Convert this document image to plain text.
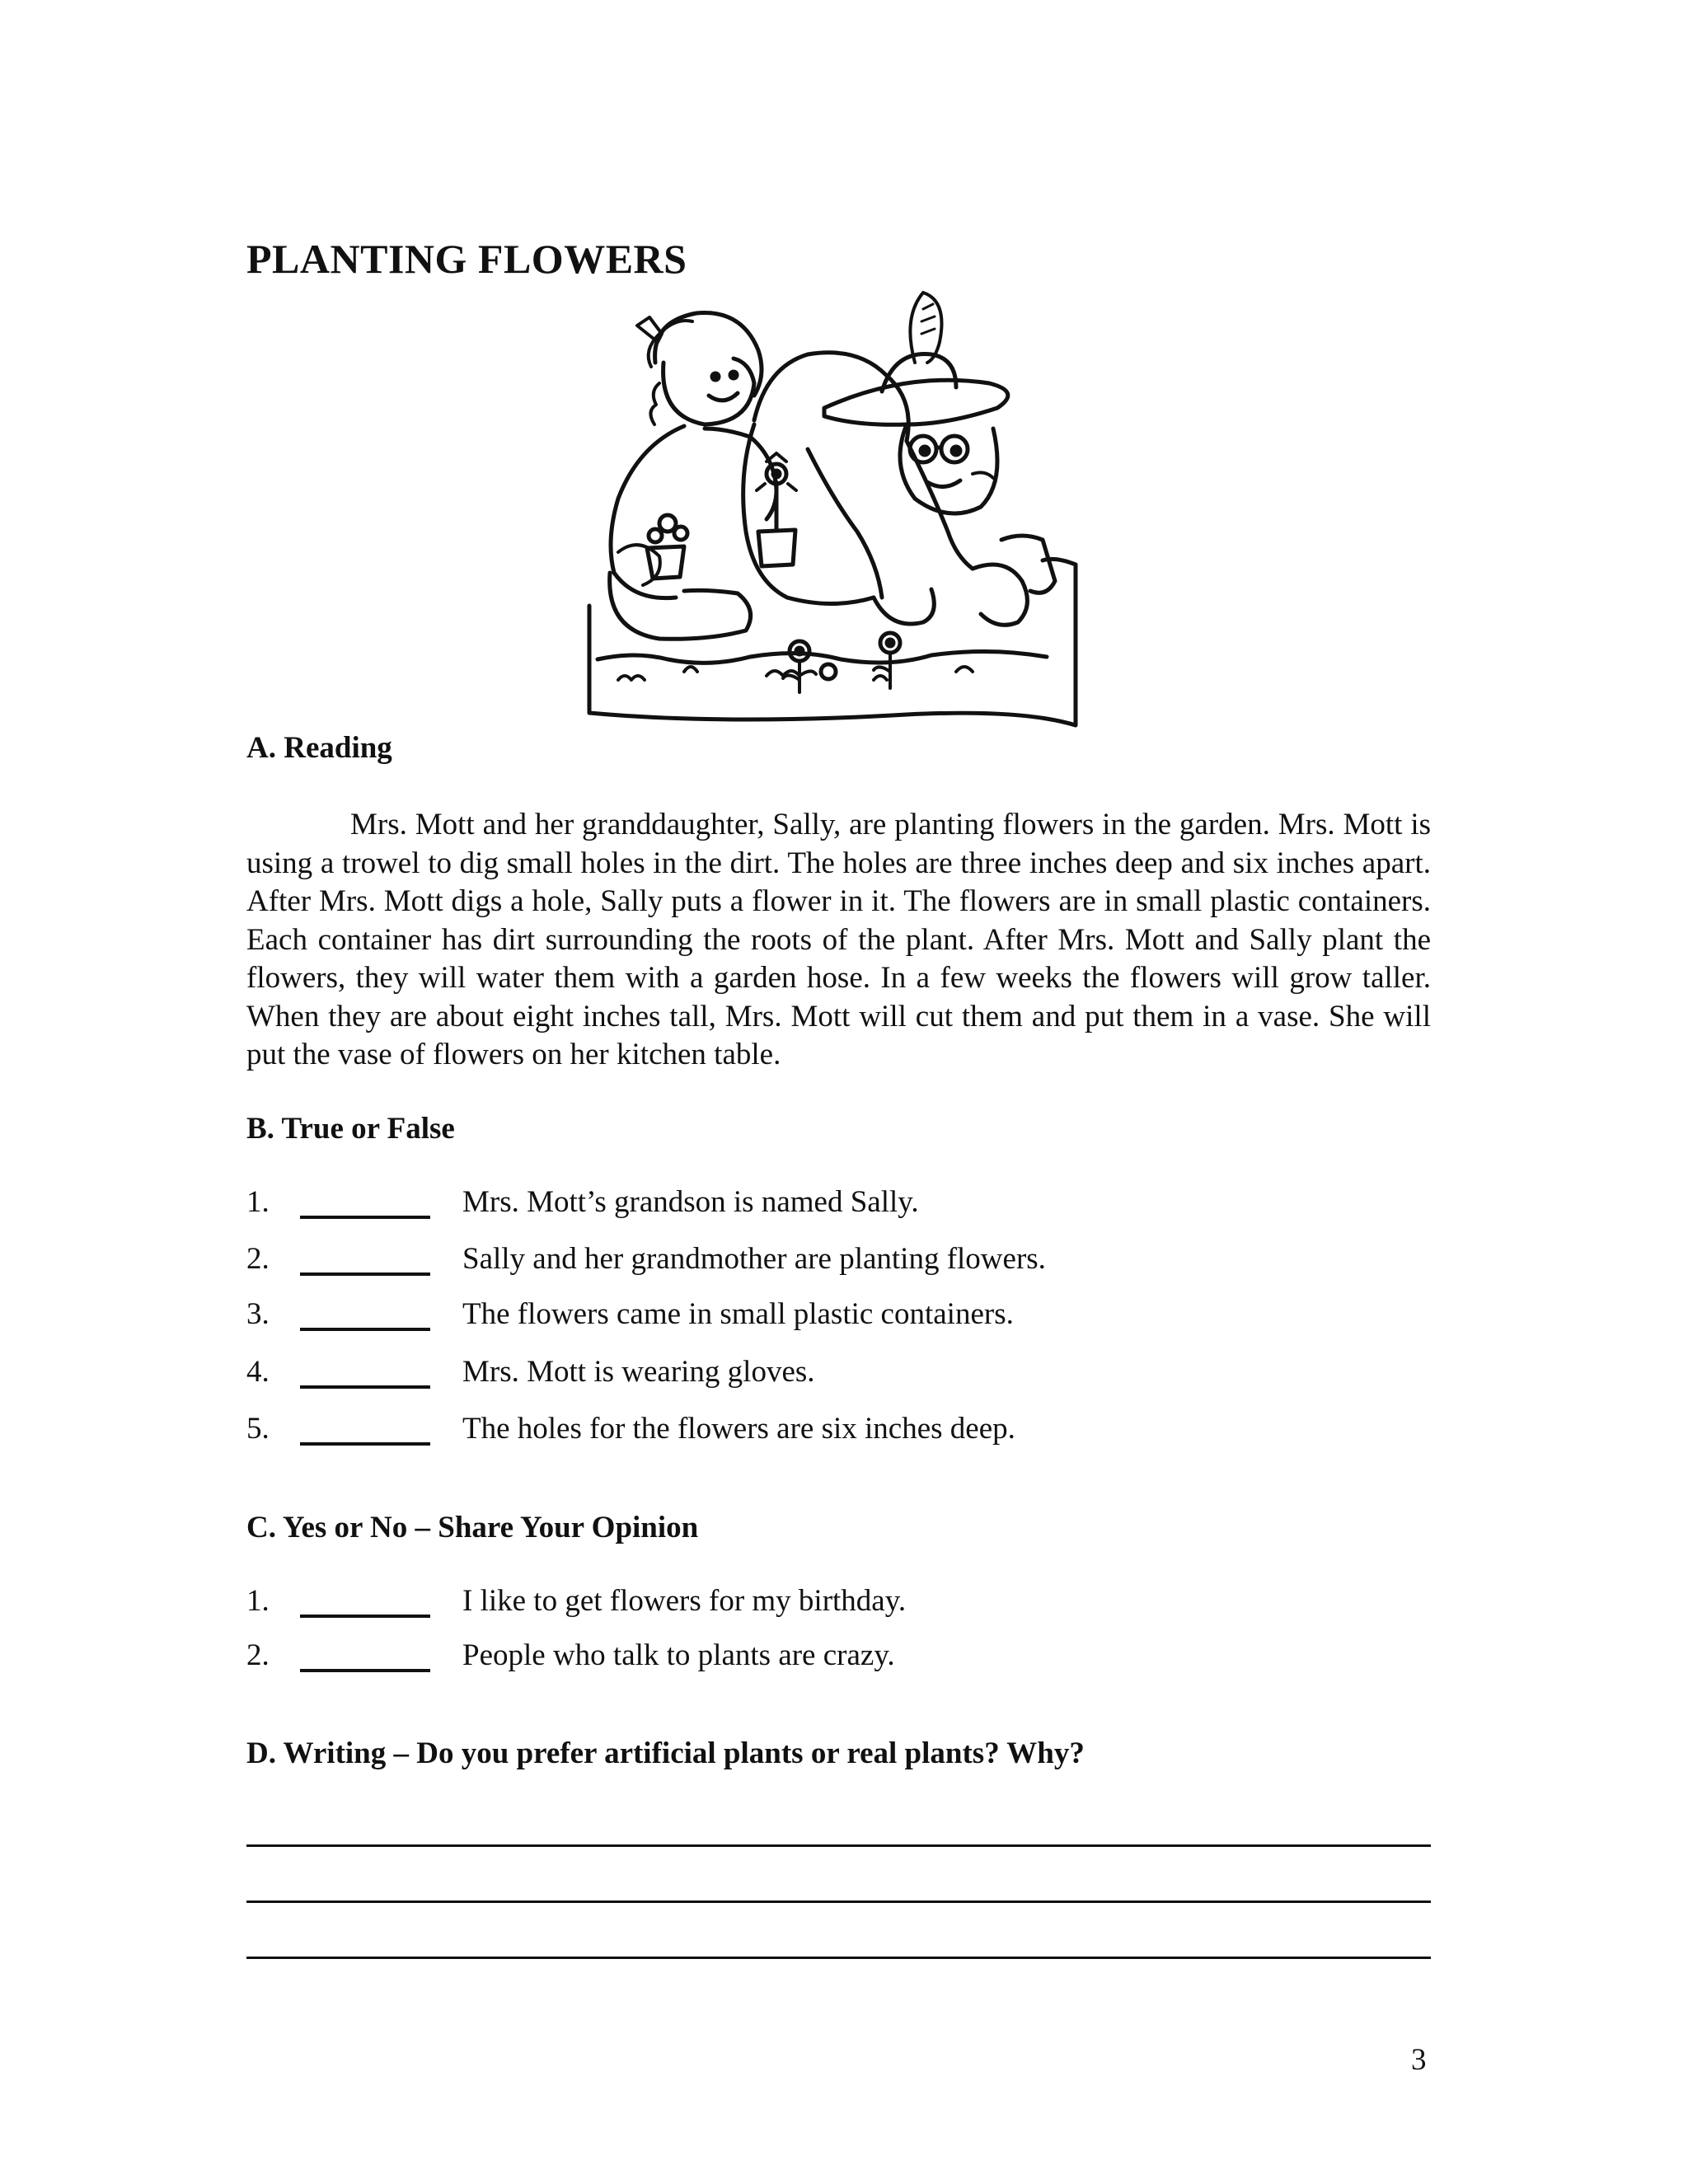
PLANTING FLOWERS
A. Reading
Mrs. Mott and her granddaughter, Sally, are planting flowers in the garden. Mrs. Mott is using a trowel to dig small holes in the dirt. The holes are three inches deep and six inches apart. After Mrs. Mott digs a hole, Sally puts a flower in it. The flowers are in small plastic containers. Each container has dirt surrounding the roots of the plant. After Mrs. Mott and Sally plant the flowers, they will water them with a garden hose. In a few weeks the flowers will grow taller. When they are about eight inches tall, Mrs. Mott will cut them and put them in a vase. She will put the vase of flowers on her kitchen table.
B. True or False
1.	Mrs. Mott’s grandson is named Sally.
2.	Sally and her grandmother are planting flowers.
3.	The flowers came in small plastic containers.
4.	Mrs. Mott is wearing gloves.
5.	The holes for the flowers are six inches deep.
C. Yes or No – Share Your Opinion
1.	I like to get flowers for my birthday.
2.	People who talk to plants are crazy.
D. Writing – Do you prefer artificial plants or real plants? Why?
3
